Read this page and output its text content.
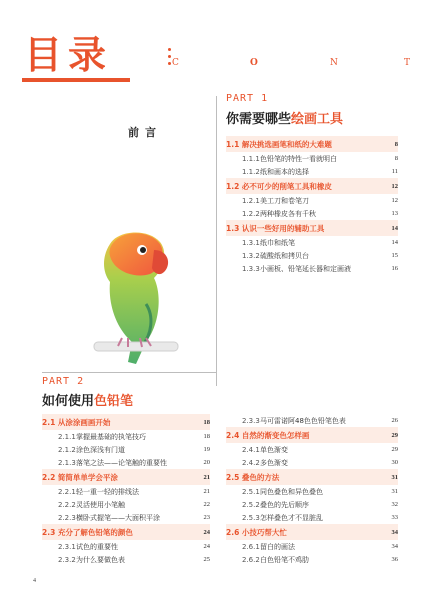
目录	C	O	N	T
PART 1
你需要哪些绘画工具
前言
1.1 解决挑选画笔和纸的大难题	8
1.1.1色铅笔的特性一看就明白	8
1.1.2纸和画本的选择	11
1.2 必不可少的削笔工具和橡皮	12
1.2.1美工刀和卷笔刀	12
1.2.2两种橡皮各有千秋	13
1.3 认识一些好用的辅助工具	14
1.3.1纸巾和纸笔	14
1.3.2硫酸纸和拷贝台	15
1.3.3小画板、铅笔延长器和定画液	16
PART 2
如何使用色铅笔
2.1 从涂涂画画开始	18
2.1.1掌握最基础的执笔技巧	18
2.1.2涂色深浅有门道	19
2.1.3落笔之法——论笔触的重要性	20
2.2 简简单单学会平涂	21
2.2.1轻一重一轻的排线法	21
2.2.2灵活使用小笔触	22
2.2.3横卧式握笔——大面积平涂	23
2.3 充分了解色铅笔的颜色	24
2.3.1试色的重要性	24
2.3.2为什么要做色表	25
2.3.3马可雷诺阿48色色铅笔色表	26
2.4 自然的渐变色怎样画	29
2.4.1单色渐变	29
2.4.2多色渐变	30
2.5 叠色的方法	31
2.5.1同色叠色和异色叠色	31
2.5.2叠色的先后顺序	32
2.5.3怎样叠色才不显脏乱	33
2.6 小技巧帮大忙	34
2.6.1留白的画法	34
2.6.2白色铅笔不鸡肋	36
4
